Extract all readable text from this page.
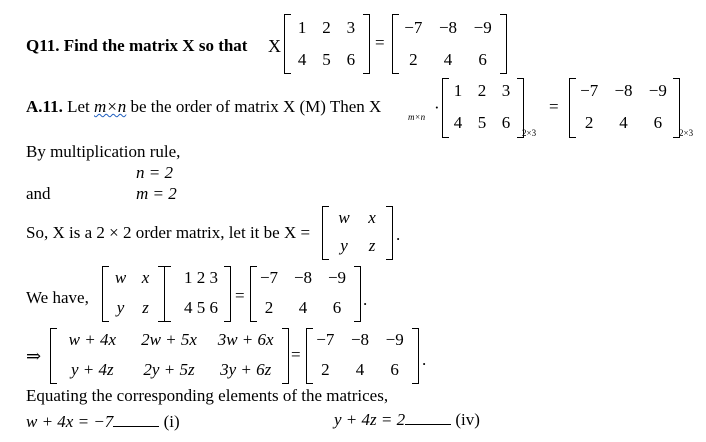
Q11. Find the matrix X so that X
1 2 3
4 5 6
=
−7 −8 −9
2	4	6
A.11. Let m×n be the order of matrix X (M) Then X
m×n ·
1 2 3
4 5 6
2×3
=
−7 −8 −9
2	4	6
2×3
By multiplication rule,
n = 2
and	m = 2
So, X is a 2 × 2 order matrix, let it be X =
w	x
y	z
.
We have,
w x
y	z
1 2 3
4 5 6
=
−7 −8 −9
2	4	6	.
⇒
w + 4x	2w + 5x	3w + 6x
y + 4z	2y + 5z	3y + 6z
=
−7 −8 −9
2	4	6
.
Equating the corresponding elements of the matrices,
w + 4x = −7	(i)	y + 4z = 2	(iv)
